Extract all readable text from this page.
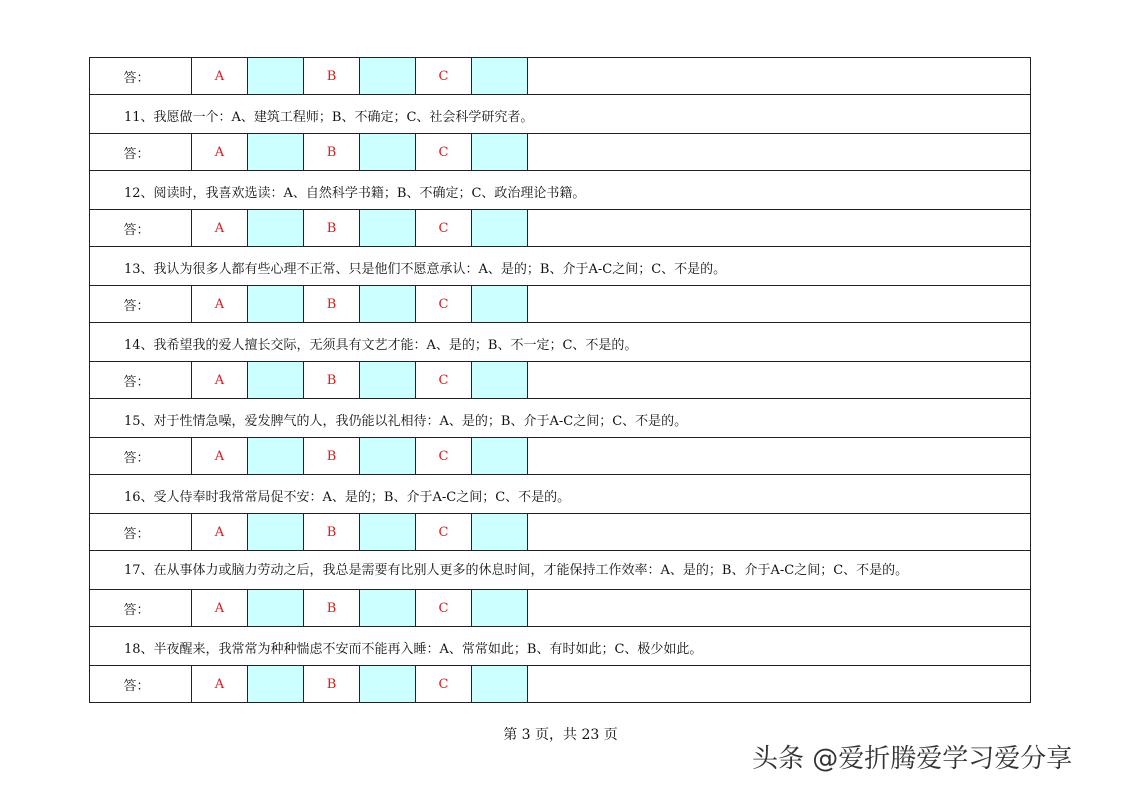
答：	A		B		C		
11、我愿做一个：A、建筑工程师；B、不确定；C、社会科学研究者。							
答：	A		B		C		
12、阅读时，我喜欢选读：A、自然科学书籍；B、不确定；C、政治理论书籍。							
答：	A		B		C		
13、我认为很多人都有些心理不正常、只是他们不愿意承认：A、是的；B、介于A-C之间；C、不是的。							
答：	A		B		C		
14、我希望我的爱人擅长交际，无须具有文艺才能：A、是的；B、不一定；C、不是的。							
答：	A		B		C		
15、对于性情急噪，爱发脾气的人，我仍能以礼相待：A、是的；B、介于A-C之间；C、不是的。							
答：	A		B		C		
16、受人侍奉时我常常局促不安：A、是的；B、介于A-C之间；C、不是的。							
答：	A		B		C		
17、在从事体力或脑力劳动之后，我总是需要有比别人更多的休息时间，才能保持工作效率：A、是的；B、介于A-C之间；C、不是的。							
答：	A		B		C		
18、半夜醒来，我常常为种种惴虑不安而不能再入睡：A、常常如此；B、有时如此；C、极少如此。							
答：	A		B		C		
第 3 页，共 23 页
头条 @爱折腾爱学习爱分享
